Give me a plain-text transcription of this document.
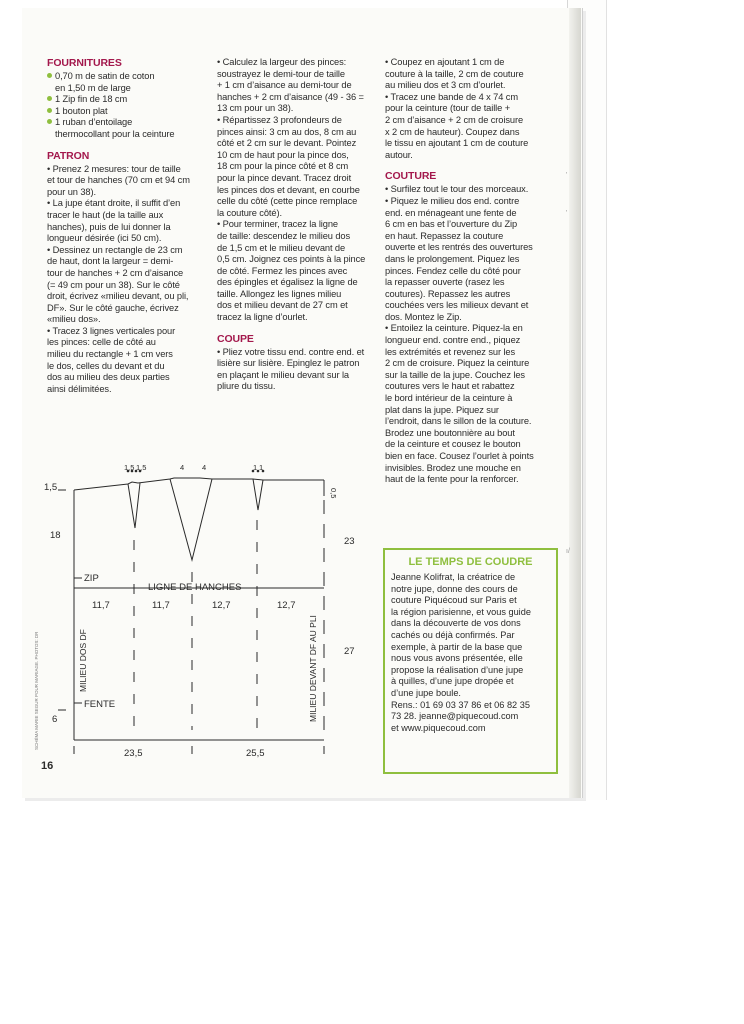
'
'
ı/
FOURNITURES
0,70 m de satin de coton
en 1,50 m de large
1 Zip fin de 18 cm
1 bouton plat
1 ruban d’entoilage
thermocollant pour la ceinture
PATRON
• Prenez 2 mesures: tour de taille
et tour de hanches (70 cm et 94 cm
pour un 38).
• La jupe étant droite, il suffit d’en
tracer le haut (de la taille aux
hanches), puis de lui donner la
longueur désirée (ici 50 cm).
• Dessinez un rectangle de 23 cm
de haut, dont la largeur = demi-
tour de hanches + 2 cm d’aisance
(= 49 cm pour un 38). Sur le côté
droit, écrivez «milieu devant, ou pli,
DF». Sur le côté gauche, écrivez
«milieu dos».
• Tracez 3 lignes verticales pour
les pinces: celle de côté au
milieu du rectangle + 1 cm vers
le dos, celles du devant et du
dos au milieu des deux parties
ainsi délimitées.
• Calculez la largeur des pinces:
soustrayez le demi-tour de taille
+ 1 cm d’aisance au demi-tour de
hanches + 2 cm d’aisance (49 - 36 =
13 cm pour un 38).
• Répartissez 3 profondeurs de
pinces ainsi: 3 cm au dos, 8 cm au
côté et 2 cm sur le devant. Pointez
10 cm de haut pour la pince dos,
18 cm pour la pince côté et 8 cm
pour la pince devant. Tracez droit
les pinces dos et devant, en courbe
celle du côté (cette pince remplace
la couture côté).
• Pour terminer, tracez la ligne
de taille: descendez le milieu dos
de 1,5 cm et le milieu devant de
0,5 cm. Joignez ces points à la pince
de côté. Fermez les pinces avec
des épingles et égalisez la ligne de
taille. Allongez les lignes milieu
dos et milieu devant de 27 cm et
tracez la ligne d’ourlet.
COUPE
• Pliez votre tissu end. contre end. et
lisière sur lisière. Epinglez le patron
en plaçant le milieu devant sur la
pliure du tissu.
• Coupez en ajoutant 1 cm de
couture à la taille, 2 cm de couture
au milieu dos et 3 cm d’ourlet.
• Tracez une bande de 4 x 74 cm
pour la ceinture (tour de taille +
2 cm d’aisance + 2 cm de croisure
x 2 cm de hauteur). Coupez dans
le tissu en ajoutant 1 cm de couture
autour.
COUTURE
• Surfilez tout le tour des morceaux.
• Piquez le milieu dos end. contre
end. en ménageant une fente de
6 cm en bas et l’ouverture du Zip
en haut. Repassez la couture
ouverte et les rentrés des ouvertures
dans le prolongement. Piquez les
pinces. Fendez celle du côté pour
la repasser ouverte (rasez les
coutures). Repassez les autres
couchées vers les milieux devant et
dos. Montez le Zip.
• Entoilez la ceinture. Piquez-la en
longueur end. contre end., piquez
les extrémités et revenez sur les
2 cm de croisure. Piquez la ceinture
sur la taille de la jupe. Couchez les
coutures vers le haut et rabattez
le bord intérieur de la ceinture à
plat dans la jupe. Piquez sur
l’endroit, dans le sillon de la couture.
Brodez une boutonnière au bout
de la ceinture et cousez le bouton
bien en face. Cousez l’ourlet à points
invisibles. Brodez une mouche en
haut de la fente pour la renforcer.
LE TEMPS DE COUDRE
Jeanne Kolifrat, la créatrice de
notre jupe, donne des cours de
couture Piquécoud sur Paris et
la région parisienne, et vous guide
dans la découverte de vos dons
cachés ou déjà confirmés. Par
exemple, à partir de la base que
nous vous avons présentée, elle
propose la réalisation d’une jupe
à quilles, d’une jupe dropée et
d’une jupe boule.
Rens.: 01 69 03 37 86 et 06 82 35
73 28. jeanne@piquecoud.com
et www.piquecoud.com
1,5
0,5
1,5 1,5	4 4	1 1
18
6
23
27
ZIP
LIGNE DE HANCHES
11,7	11,7	12,7	12,7
23,5	25,5
MILIEU DOS DF	MILIEU DEVANT DF AU PLI
FENTE
SCHÉMA MARIE SEGUR POUR MARIAGE. PHOTOS: DR
16
